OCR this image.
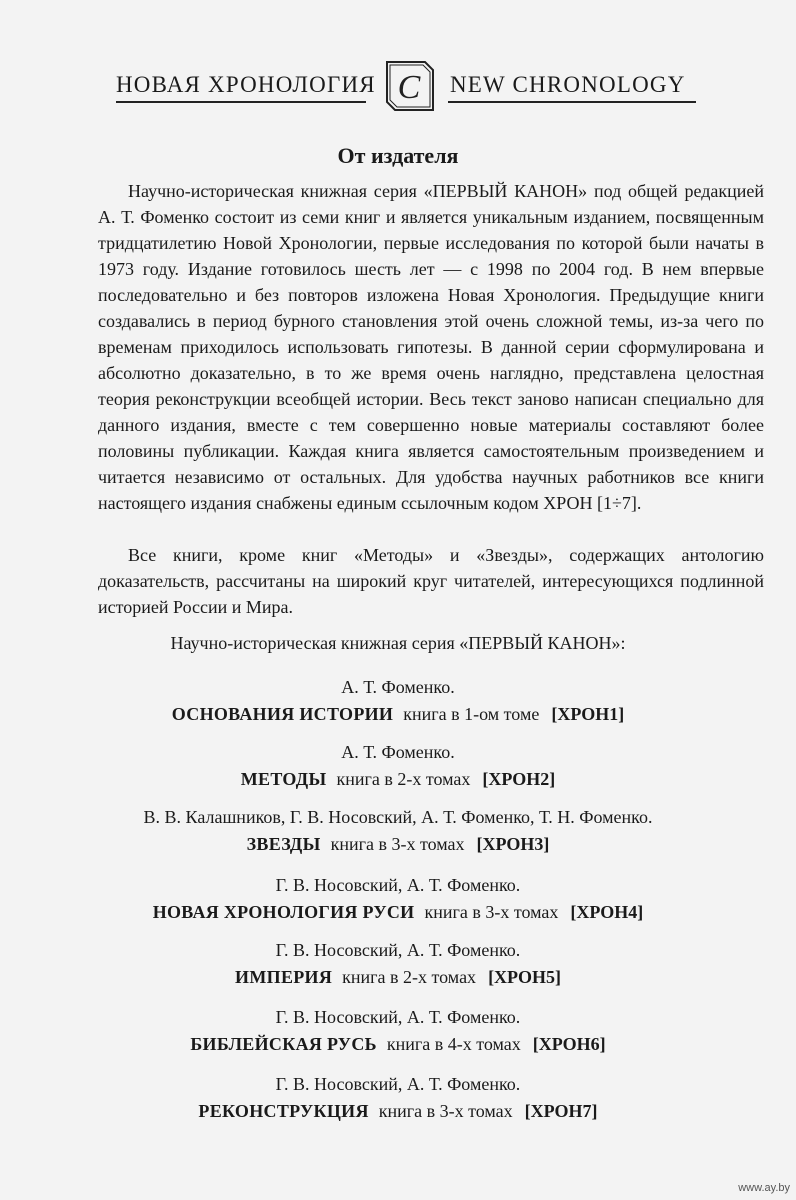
НОВАЯ ХРОНОЛОГИЯ C NEW CHRONOLOGY
От издателя
Научно-историческая книжная серия «ПЕРВЫЙ КАНОН» под общей редакцией А. Т. Фоменко состоит из семи книг и является уникальным изданием, посвященным тридцатилетию Новой Хронологии, первые исследования по которой были начаты в 1973 году. Издание готовилось шесть лет — с 1998 по 2004 год. В нем впервые последовательно и без повторов изложена Новая Хронология. Предыдущие книги создавались в период бурного становления этой очень сложной темы, из-за чего по временам приходилось использовать гипотезы. В данной серии сформулирована и абсолютно доказательно, в то же время очень наглядно, представлена целостная теория реконструкции всеобщей истории. Весь текст заново написан специально для данного издания, вместе с тем совершенно новые материалы составляют более половины публикации. Каждая книга является самостоятельным произведением и читается независимо от остальных. Для удобства научных работников все книги настоящего издания снабжены единым ссылочным кодом ХРОН [1÷7].
Все книги, кроме книг «Методы» и «Звезды», содержащих антологию доказательств, рассчитаны на широкий круг читателей, интересующихся подлинной историей России и Мира.
Научно-историческая книжная серия «ПЕРВЫЙ КАНОН»:
А. Т. Фоменко.
ОСНОВАНИЯ ИСТОРИИ книга в 1-ом томе [ХРОН1]
А. Т. Фоменко.
МЕТОДЫ книга в 2-х томах [ХРОН2]
В. В. Калашников, Г. В. Носовский, А. Т. Фоменко, Т. Н. Фоменко.
ЗВЕЗДЫ книга в 3-х томах [ХРОН3]
Г. В. Носовский, А. Т. Фоменко.
НОВАЯ ХРОНОЛОГИЯ РУСИ книга в 3-х томах [ХРОН4]
Г. В. Носовский, А. Т. Фоменко.
ИМПЕРИЯ книга в 2-х томах [ХРОН5]
Г. В. Носовский, А. Т. Фоменко.
БИБЛЕЙСКАЯ РУСЬ книга в 4-х томах [ХРОН6]
Г. В. Носовский, А. Т. Фоменко.
РЕКОНСТРУКЦИЯ книга в 3-х томах [ХРОН7]
www.ay.by
